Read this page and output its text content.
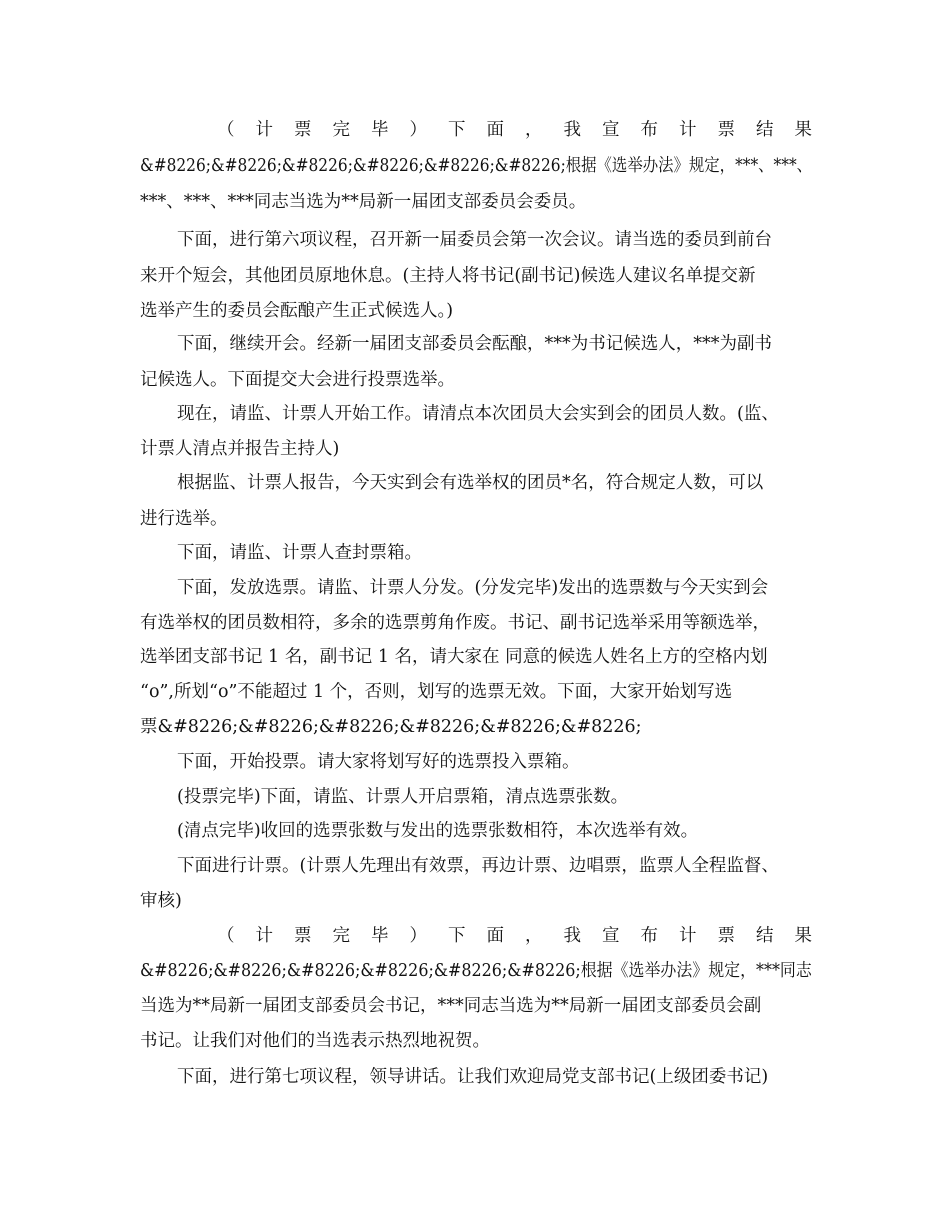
（ 计 票 完 毕 ） 下 面 ， 我 宣 布 计 票 结 果
&#8226;&#8226;&#8226;&#8226;&#8226;&#8226;根据《选举办法》规定，***、***、
***、***、***同志当选为**局新一届团支部委员会委员。
下面，进行第六项议程，召开新一届委员会第一次会议。请当选的委员到前台
来开个短会，其他团员原地休息。(主持人将书记(副书记)候选人建议名单提交新
选举产生的委员会酝酿产生正式候选人。)
下面，继续开会。经新一届团支部委员会酝酿，***为书记候选人，***为副书
记候选人。下面提交大会进行投票选举。
现在，请监、计票人开始工作。请清点本次团员大会实到会的团员人数。(监、
计票人清点并报告主持人)
根据监、计票人报告，今天实到会有选举权的团员*名，符合规定人数，可以
进行选举。
下面，请监、计票人查封票箱。
下面，发放选票。请监、计票人分发。(分发完毕)发出的选票数与今天实到会
有选举权的团员数相符，多余的选票剪角作废。书记、副书记选举采用等额选举，
选举团支部书记 1 名，副书记 1 名，请大家在 同意的候选人姓名上方的空格内划
“o”,所划“o”不能超过 1 个，否则，划写的选票无效。下面，大家开始划写选
票&#8226;&#8226;&#8226;&#8226;&#8226;&#8226;
下面，开始投票。请大家将划写好的选票投入票箱。
(投票完毕)下面，请监、计票人开启票箱，清点选票张数。
(清点完毕)收回的选票张数与发出的选票张数相符，本次选举有效。
下面进行计票。(计票人先理出有效票，再边计票、边唱票，监票人全程监督、
审核)
（ 计 票 完 毕 ） 下 面 ， 我 宣 布 计 票 结 果
&#8226;&#8226;&#8226;&#8226;&#8226;&#8226;根据《选举办法》规定，***同志
当选为**局新一届团支部委员会书记，***同志当选为**局新一届团支部委员会副
书记。让我们对他们的当选表示热烈地祝贺。
下面，进行第七项议程，领导讲话。让我们欢迎局党支部书记(上级团委书记)
